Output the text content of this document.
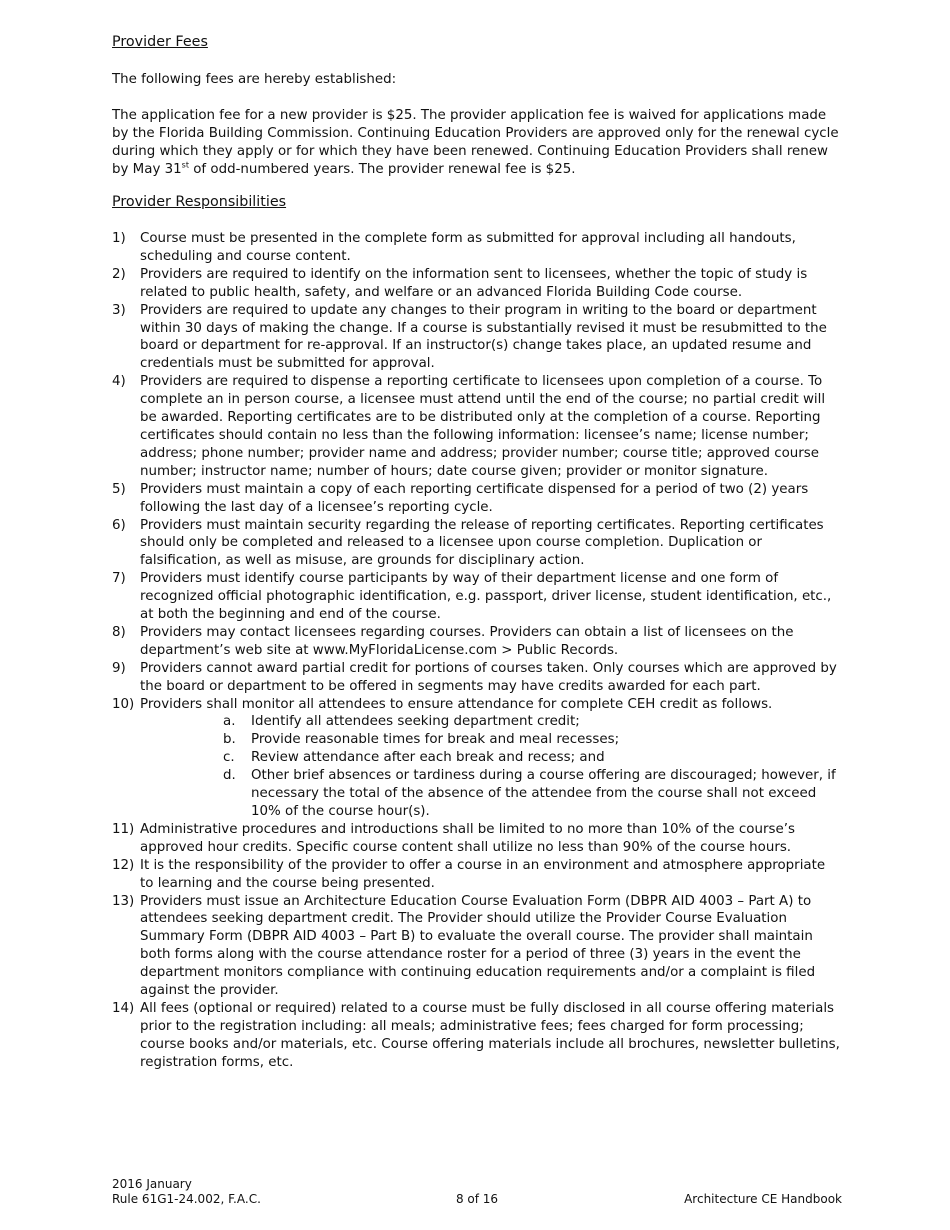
Provider Fees
The following fees are hereby established:
The application fee for a new provider is $25. The provider application fee is waived for applications made by the Florida Building Commission. Continuing Education Providers are approved only for the renewal cycle during which they apply or for which they have been renewed. Continuing Education Providers shall renew by May 31st of odd-numbered years. The provider renewal fee is $25.
Provider Responsibilities
1) Course must be presented in the complete form as submitted for approval including all handouts, scheduling and course content.
2) Providers are required to identify on the information sent to licensees, whether the topic of study is related to public health, safety, and welfare or an advanced Florida Building Code course.
3) Providers are required to update any changes to their program in writing to the board or department within 30 days of making the change. If a course is substantially revised it must be resubmitted to the board or department for re-approval. If an instructor(s) change takes place, an updated resume and credentials must be submitted for approval.
4) Providers are required to dispense a reporting certificate to licensees upon completion of a course. To complete an in person course, a licensee must attend until the end of the course; no partial credit will be awarded. Reporting certificates are to be distributed only at the completion of a course. Reporting certificates should contain no less than the following information: licensee’s name; license number; address; phone number; provider name and address; provider number; course title; approved course number; instructor name; number of hours; date course given; provider or monitor signature.
5) Providers must maintain a copy of each reporting certificate dispensed for a period of two (2) years following the last day of a licensee’s reporting cycle.
6) Providers must maintain security regarding the release of reporting certificates. Reporting certificates should only be completed and released to a licensee upon course completion. Duplication or falsification, as well as misuse, are grounds for disciplinary action.
7) Providers must identify course participants by way of their department license and one form of recognized official photographic identification, e.g. passport, driver license, student identification, etc., at both the beginning and end of the course.
8) Providers may contact licensees regarding courses. Providers can obtain a list of licensees on the department’s web site at www.MyFloridaLicense.com > Public Records.
9) Providers cannot award partial credit for portions of courses taken. Only courses which are approved by the board or department to be offered in segments may have credits awarded for each part.
10) Providers shall monitor all attendees to ensure attendance for complete CEH credit as follows.
a. Identify all attendees seeking department credit;
b. Provide reasonable times for break and meal recesses;
c. Review attendance after each break and recess; and
d. Other brief absences or tardiness during a course offering are discouraged; however, if necessary the total of the absence of the attendee from the course shall not exceed 10% of the course hour(s).
11) Administrative procedures and introductions shall be limited to no more than 10% of the course’s approved hour credits. Specific course content shall utilize no less than 90% of the course hours.
12) It is the responsibility of the provider to offer a course in an environment and atmosphere appropriate to learning and the course being presented.
13) Providers must issue an Architecture Education Course Evaluation Form (DBPR AID 4003 – Part A) to attendees seeking department credit. The Provider should utilize the Provider Course Evaluation Summary Form (DBPR AID 4003 – Part B) to evaluate the overall course. The provider shall maintain both forms along with the course attendance roster for a period of three (3) years in the event the department monitors compliance with continuing education requirements and/or a complaint is filed against the provider.
14) All fees (optional or required) related to a course must be fully disclosed in all course offering materials prior to the registration including: all meals; administrative fees; fees charged for form processing; course books and/or materials, etc. Course offering materials include all brochures, newsletter bulletins, registration forms, etc.
2016 January
Rule 61G1-24.002, F.A.C.	8 of 16	Architecture CE Handbook
